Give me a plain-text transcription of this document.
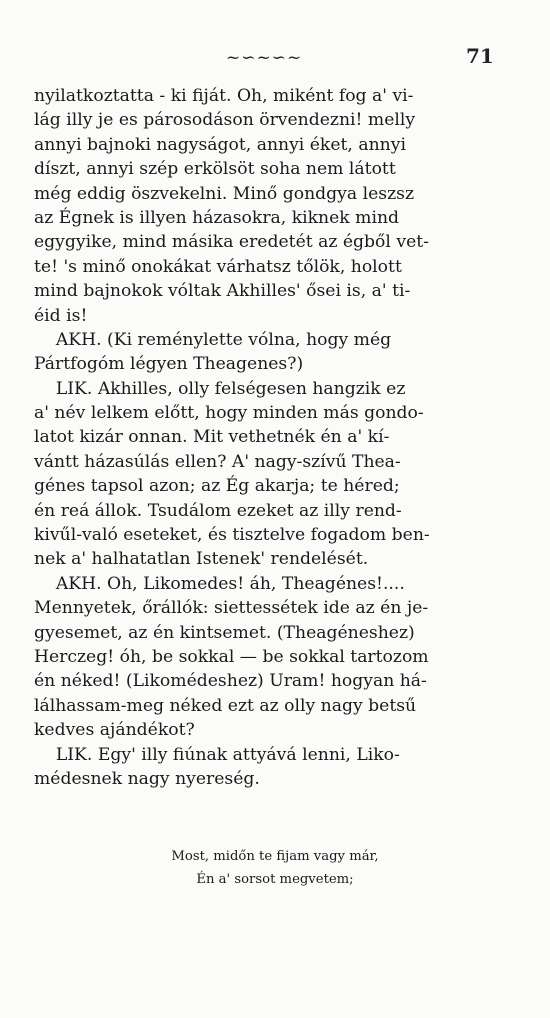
~∽~∽~	71
nyilatkoztatta - ki fiját. Oh, miként fog a' vi-
lág illy je es párosodáson örvendezni! melly
annyi bajnoki nagyságot, annyi éket, annyi
díszt, annyi szép erkölsöt soha nem látott
még eddig öszvekelni. Minő gondgya leszsz
az Égnek is illyen házasokra, kiknek mind
egygyike, mind másika eredetét az égből vet-
te! 's minő onokákat várhatsz tőlök, holott
mind bajnokok vóltak Akhilles' ősei is, a' ti-
éid is!
AKH. (Ki reménylette vólna, hogy még
Pártfogóm légyen Theagenes?)
LIK. Akhilles, olly felségesen hangzik ez
a' név lelkem előtt, hogy minden más gondo-
latot kizár onnan. Mit vethetnék én a' kí-
vántt házasúlás ellen? A' nagy-szívű Thea-
génes tapsol azon; az Ég akarja; te héred;
én reá állok. Tsudálom ezeket az illy rend-
kivűl-való eseteket, és tisztelve fogadom ben-
nek a' halhatatlan Istenek' rendelését.
AKH. Oh, Likomedes! áh, Theagénes!....
Mennyetek, őrállók: siettessétek ide az én je-
gyesemet, az én kintsemet. (Theagéneshez)
Herczeg! óh, be sokkal — be sokkal tartozom
én néked! (Likomédeshez) Uram! hogyan há-
lálhassam-meg néked ezt az olly nagy betsű
kedves ajándékot?
LIK. Egy' illy fiúnak attyává lenni, Liko-
médesnek nagy nyereség.
Most, midőn te fijam vagy már,
Én a' sorsot megvetem;
